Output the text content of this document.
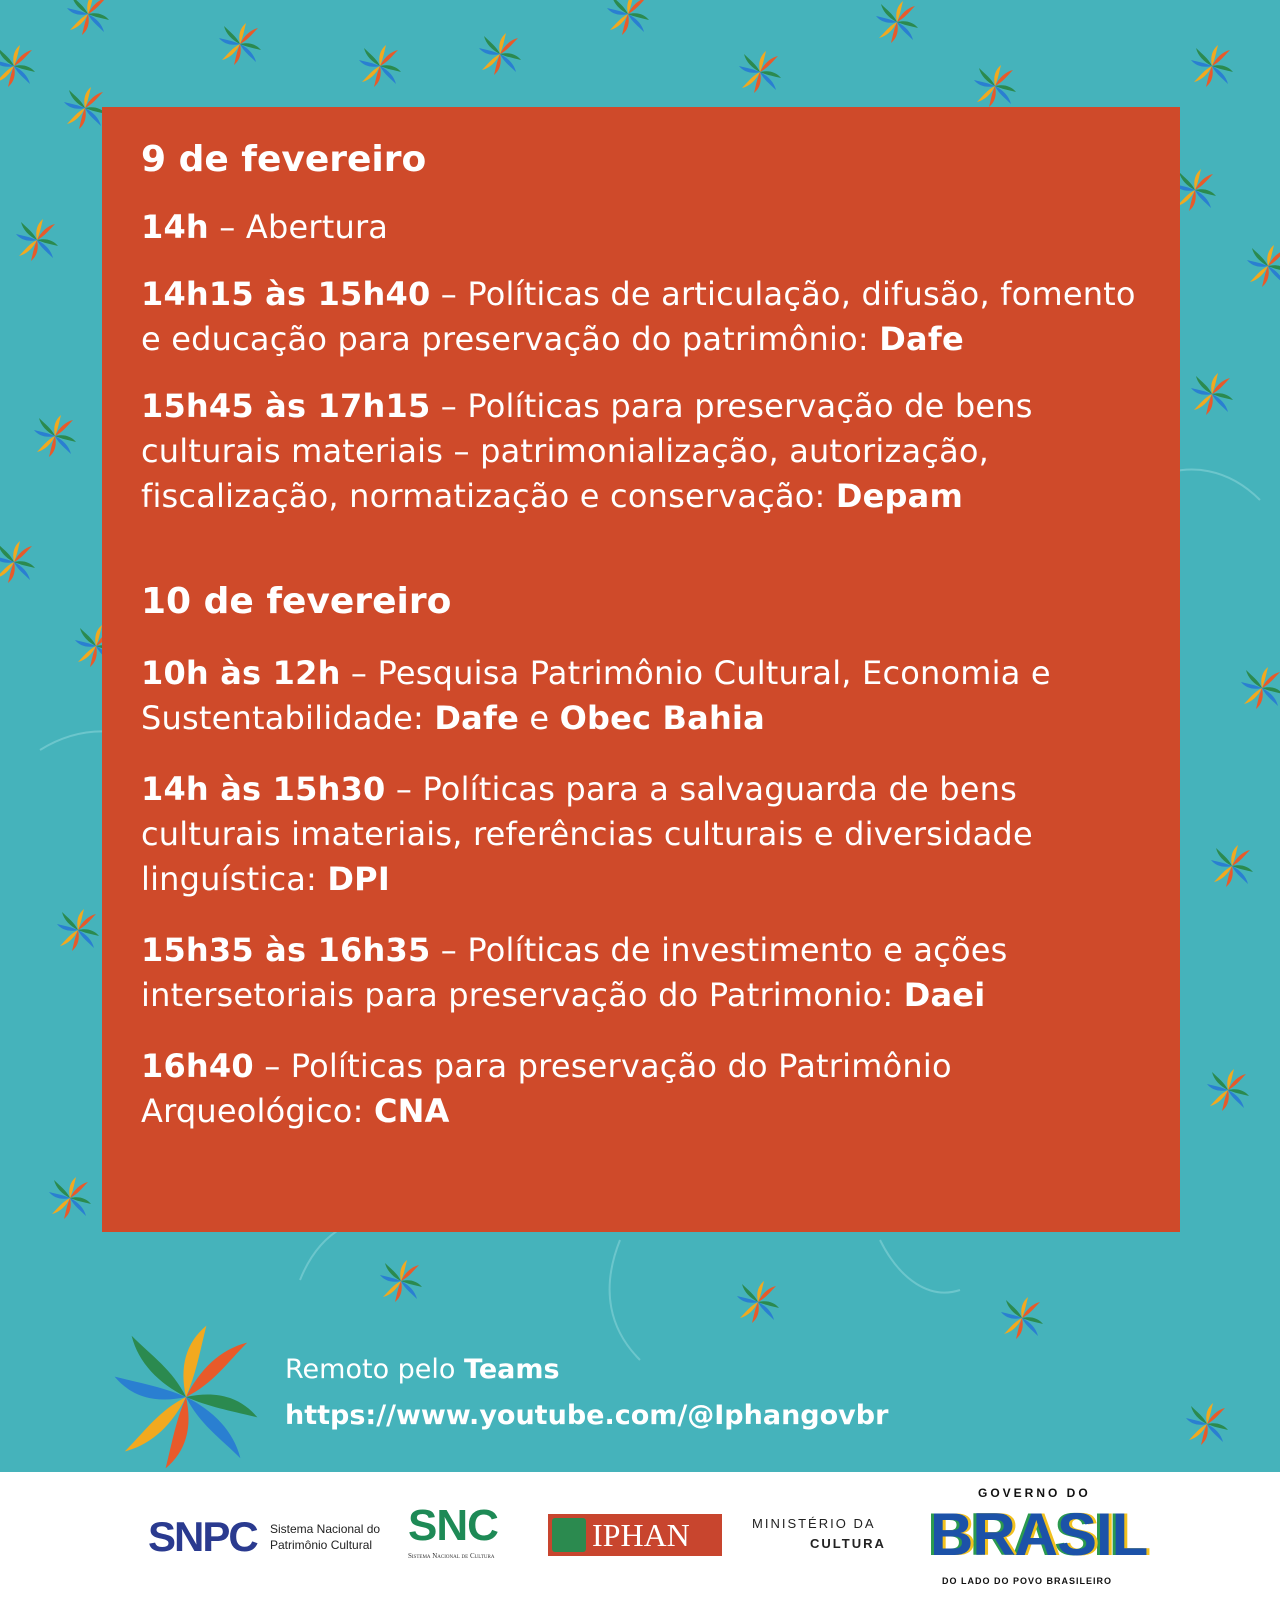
9 de fevereiro

14h – Abertura

14h15 às 15h40 – Políticas de articulação, difusão, fomento e educação para preservação do patrimônio: Dafe

15h45 às 17h15 – Políticas para preservação de bens culturais materiais – patrimonialização, autorização, fiscalização, normatização e conservação: Depam

10 de fevereiro

10h às 12h – Pesquisa Patrimônio Cultural, Economia e Sustentabilidade: Dafe e Obec Bahia

14h às 15h30 – Políticas para a salvaguarda de bens culturais imateriais, referências culturais e diversidade linguística: DPI

15h35 às 16h35 – Políticas de investimento e ações intersetoriais para preservação do Patrimonio: Daei

16h40 – Políticas para preservação do Patrimônio Arqueológico: CNA

Remoto pelo Teams
https://www.youtube.com/@Iphangovbr
SNPC Sistema Nacional do
Patrimônio Cultural SNC
Sistema Nacional de Cultura
IPHAN	MINISTÉRIO DA
CULTURA
GOVERNO DO
BRASIL
DO LADO DO POVO BRASILEIRO
